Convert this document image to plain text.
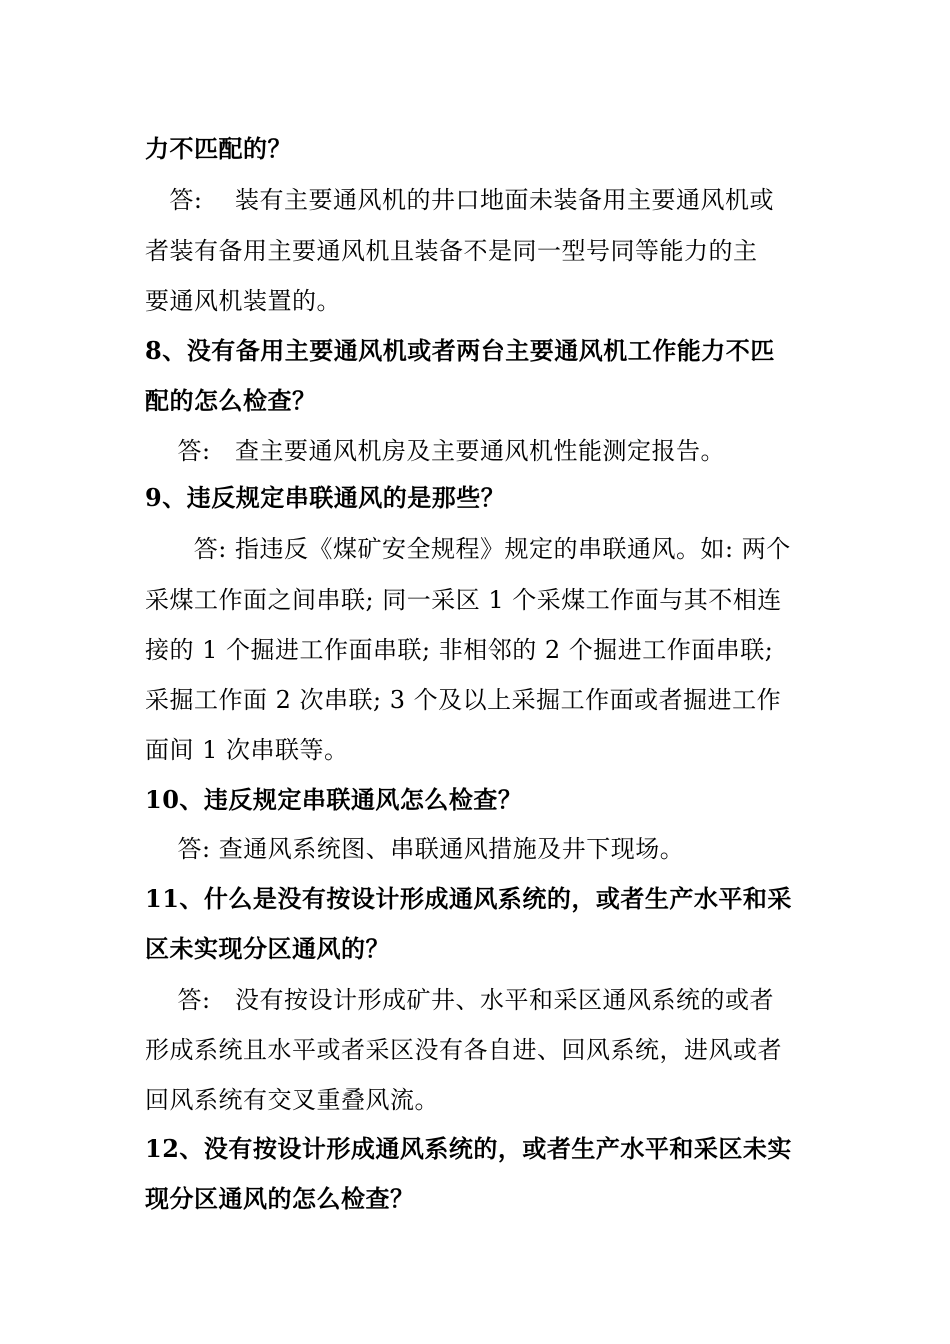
力不匹配的？
答:    装有主要通风机的井口地面未装备用主要通风机或
者装有备用主要通风机且装备不是同一型号同等能力的主
要通风机装置的。
8、没有备用主要通风机或者两台主要通风机工作能力不匹
配的怎么检查？
答:   查主要通风机房及主要通风机性能测定报告。
9、违反规定串联通风的是那些？
答: 指违反《煤矿安全规程》规定的串联通风。如: 两个
采煤工作面之间串联; 同一采区 1 个采煤工作面与其不相连
接的 1 个掘进工作面串联; 非相邻的 2 个掘进工作面串联;
采掘工作面 2 次串联; 3 个及以上采掘工作面或者掘进工作
面间 1 次串联等。
10、违反规定串联通风怎么检查？
答: 查通风系统图、串联通风措施及井下现场。
11、什么是没有按设计形成通风系统的，或者生产水平和采
区未实现分区通风的？
答:   没有按设计形成矿井、水平和采区通风系统的或者
形成系统且水平或者采区没有各自进、回风系统，进风或者
回风系统有交叉重叠风流。
12、没有按设计形成通风系统的，或者生产水平和采区未实
现分区通风的怎么检查？
